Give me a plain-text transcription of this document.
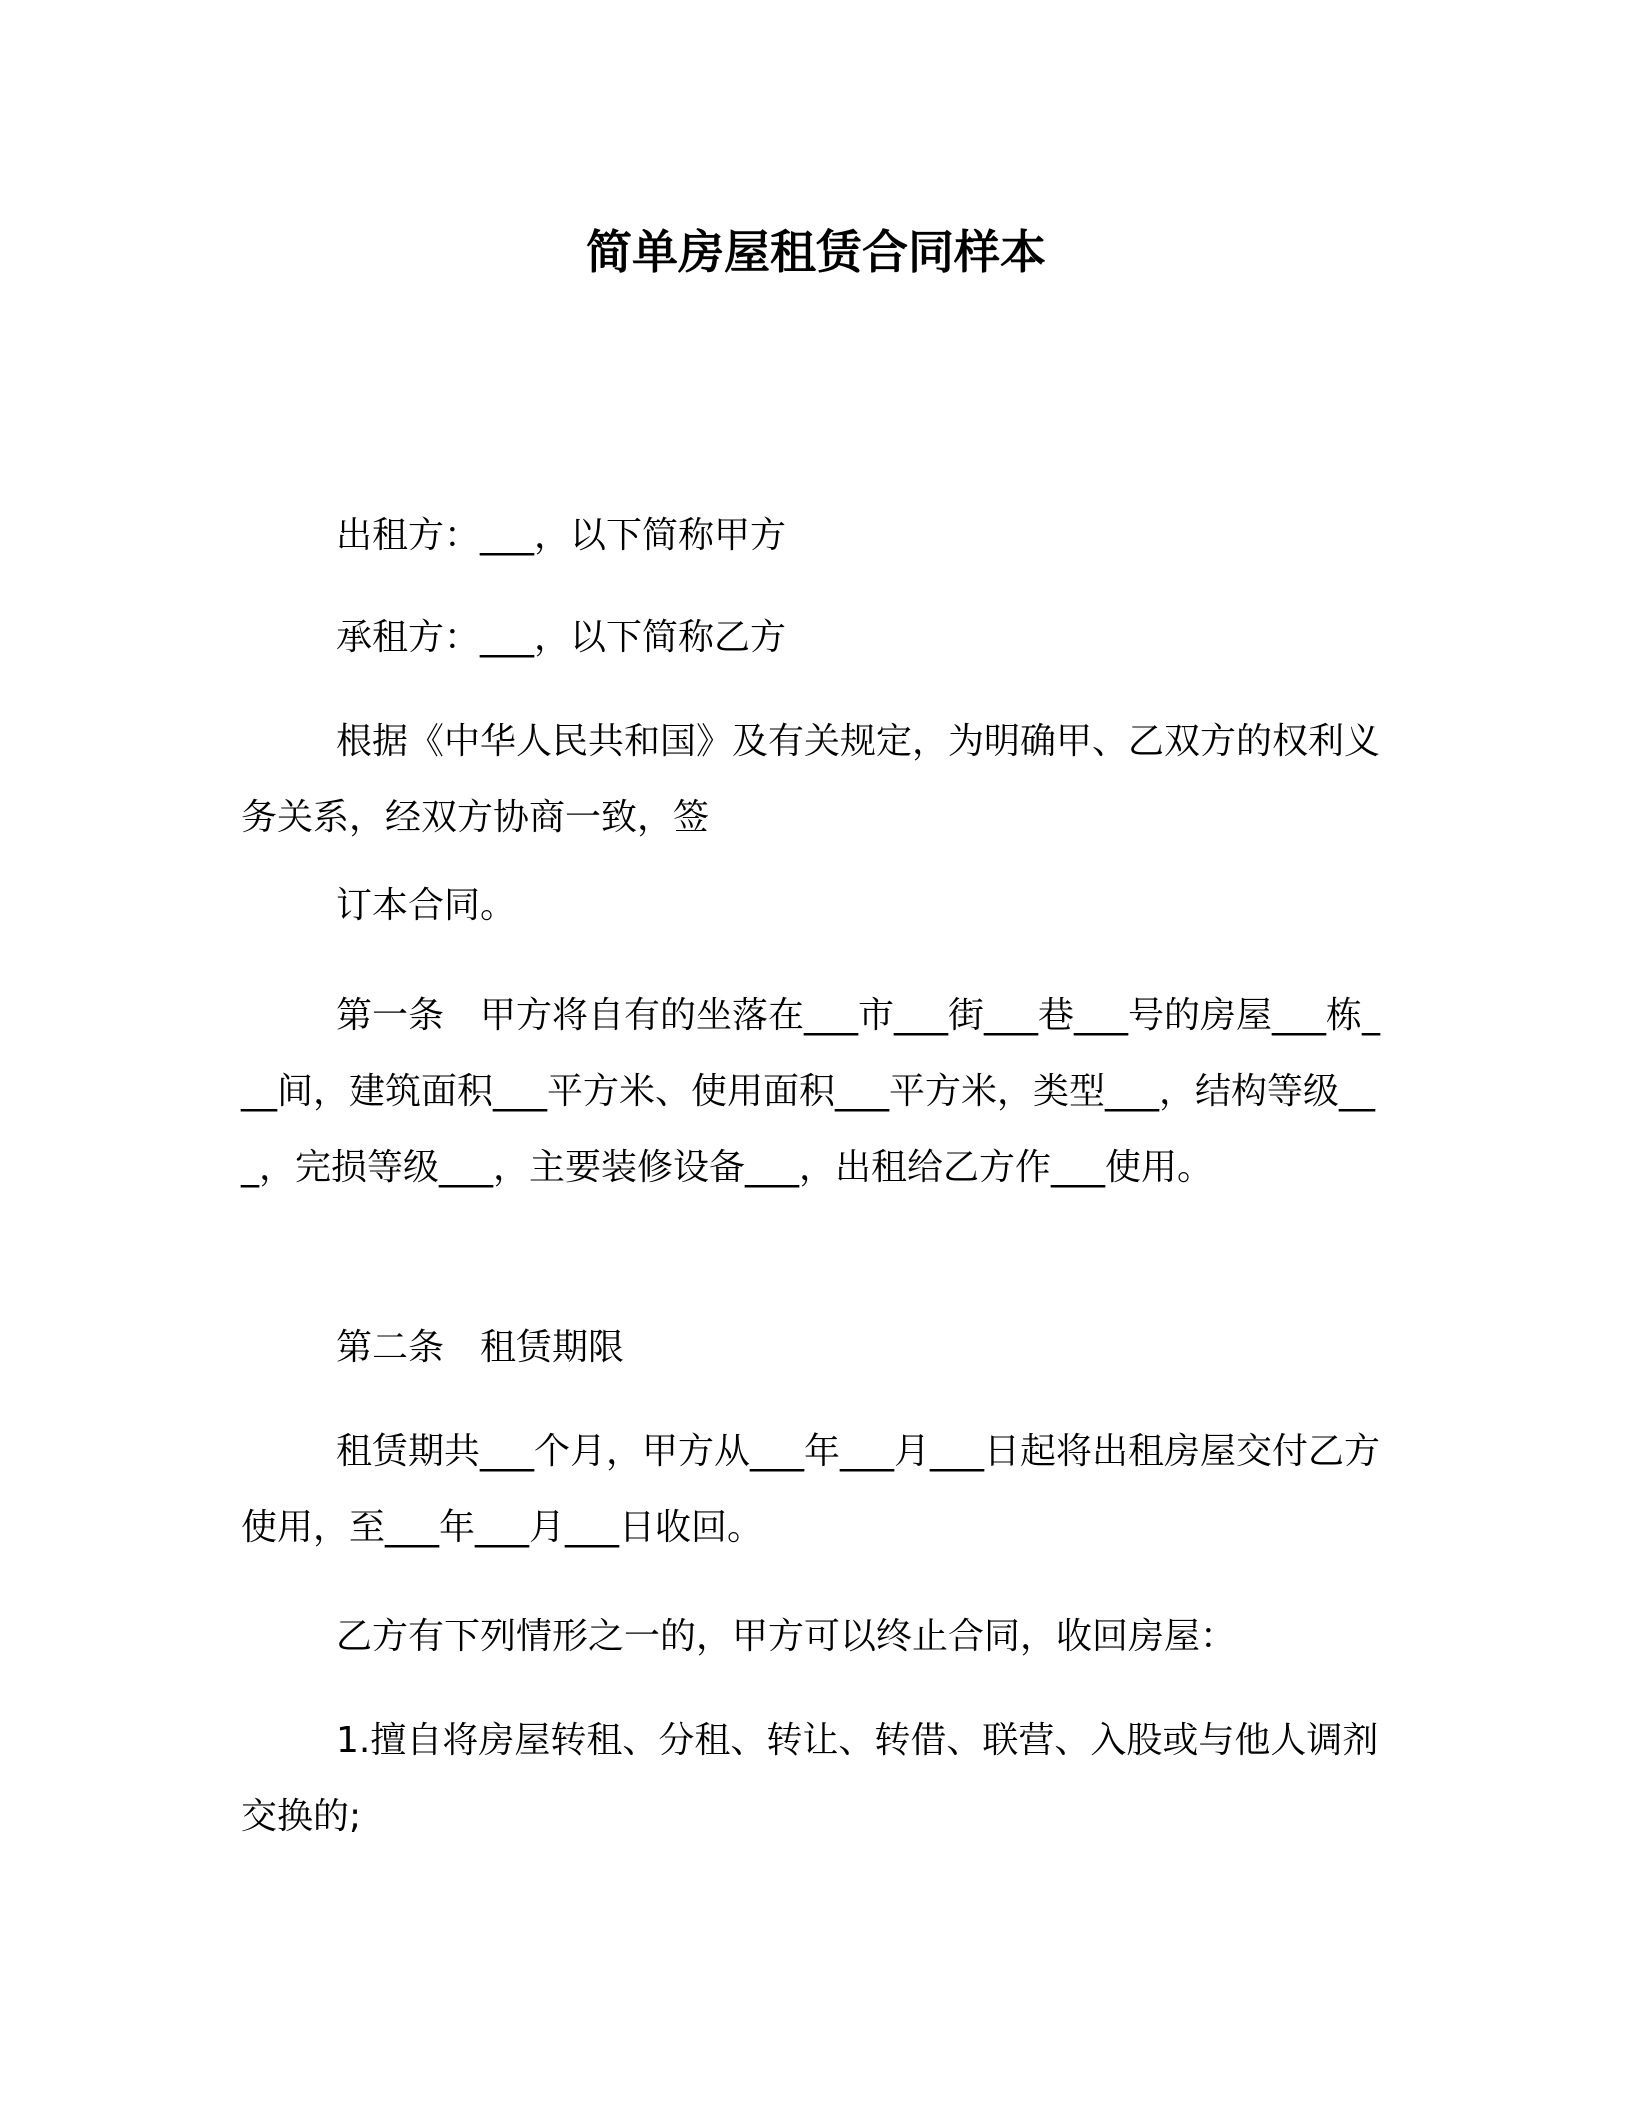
简单房屋租赁合同样本

出租方：___，以下简称甲方

承租方：___，以下简称乙方

根据《中华人民共和国》及有关规定，为明确甲、乙双方的权利义务关系，经双方协商一致，签

订本合同。

第一条　甲方将自有的坐落在___市___街___巷___号的房屋___栋___间，建筑面积___平方米、使用面积___平方米，类型___，结构等级___，完损等级___，主要装修设备___，出租给乙方作___使用。

第二条　租赁期限

租赁期共___个月，甲方从___年___月___日起将出租房屋交付乙方使用，至___年___月___日收回。

乙方有下列情形之一的，甲方可以终止合同，收回房屋：

1.擅自将房屋转租、分租、转让、转借、联营、入股或与他人调剂交换的;
